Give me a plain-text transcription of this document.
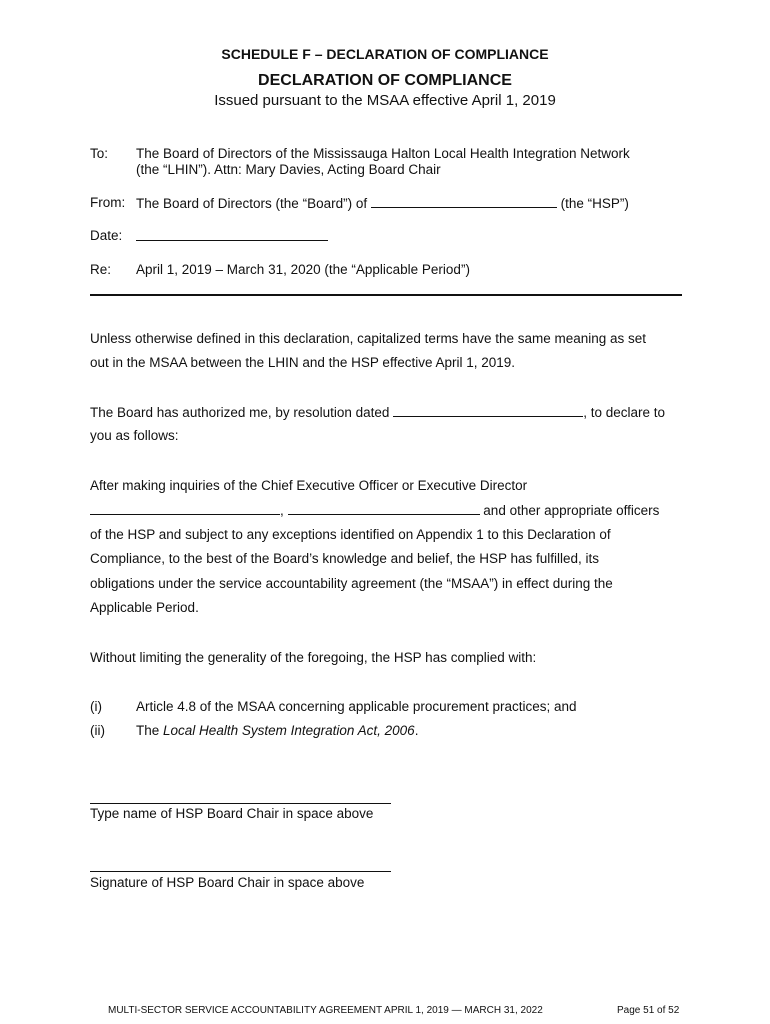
SCHEDULE F – DECLARATION OF COMPLIANCE
DECLARATION OF COMPLIANCE
Issued pursuant to the MSAA effective April 1, 2019
To: The Board of Directors of the Mississauga Halton Local Health Integration Network
(the “LHIN”). Attn: Mary Davies, Acting Board Chair
From: The Board of Directors (the “Board”) of	(the “HSP”)
Date:
Re: April 1, 2019 – March 31, 2020 (the “Applicable Period”)
Unless otherwise defined in this declaration, capitalized terms have the same meaning as set
out in the MSAA between the LHIN and the HSP effective April 1, 2019.
The Board has authorized me, by resolution dated	, to declare to
you as follows:
After making inquiries of the Chief Executive Officer or Executive Director
,	and other appropriate officers
of the HSP and subject to any exceptions identified on Appendix 1 to this Declaration of
Compliance, to the best of the Board’s knowledge and belief, the HSP has fulfilled, its
obligations under the service accountability agreement (the “MSAA”) in effect during the
Applicable Period.
Without limiting the generality of the foregoing, the HSP has complied with:
(i)	Article 4.8 of the MSAA concerning applicable procurement practices; and
(ii) The Local Health System Integration Act, 2006.
Type name of HSP Board Chair in space above
Signature of HSP Board Chair in space above
MULTI-SECTOR SERVICE ACCOUNTABILITY AGREEMENT APRIL 1, 2019 — MARCH 31, 2022	Page 51 of 52
